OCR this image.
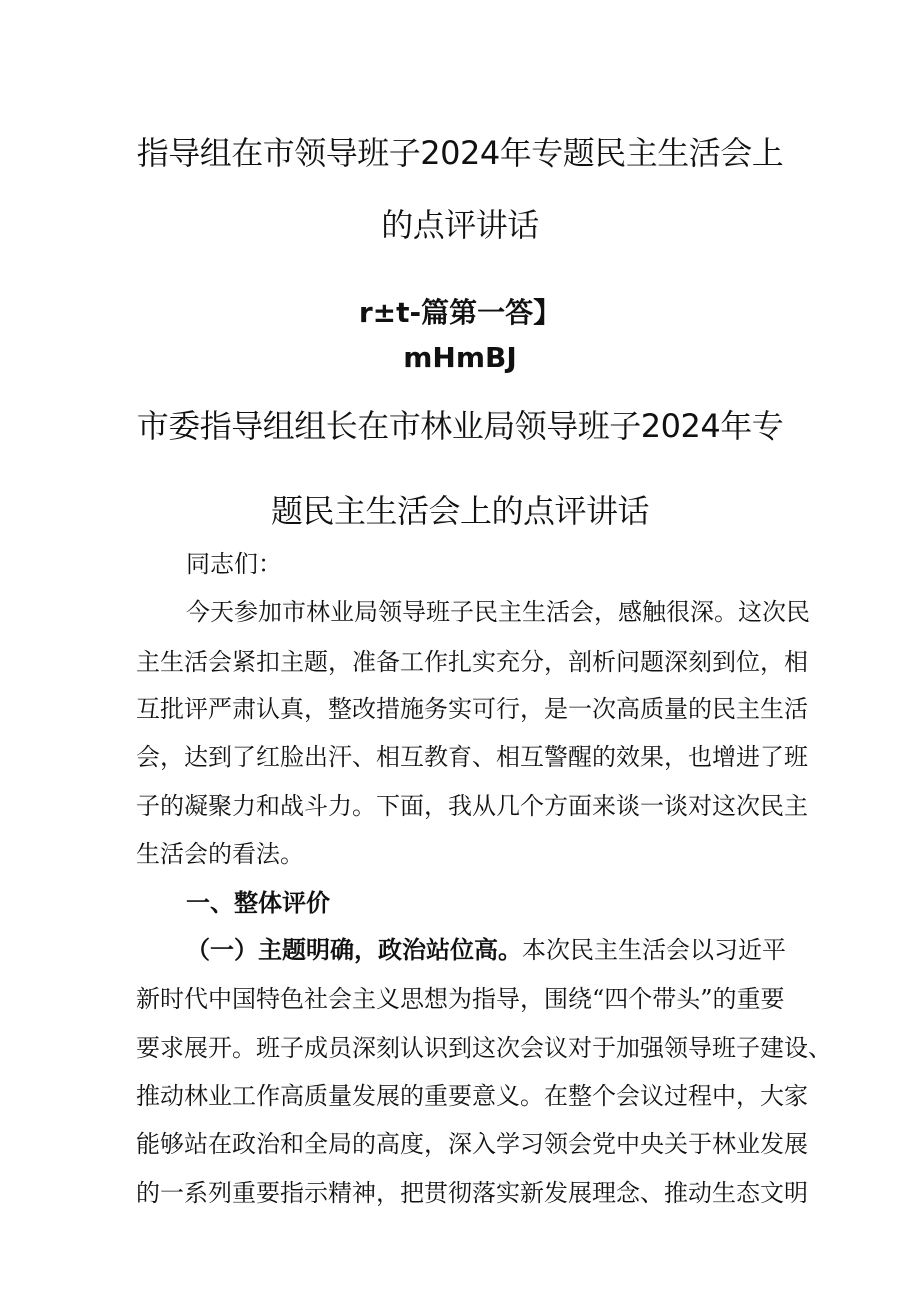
指导组在市领导班子2024年专题民主生活会上
的点评讲话
r±t-篇第一答】
mHmBJ
市委指导组组长在市林业局领导班子2024年专
题民主生活会上的点评讲话
同志们：
今天参加市林业局领导班子民主生活会，感触很深。这次民
主生活会紧扣主题，准备工作扎实充分，剖析问题深刻到位，相
互批评严肃认真，整改措施务实可行，是一次高质量的民主生活
会，达到了红脸出汗、相互教育、相互警醒的效果，也增进了班
子的凝聚力和战斗力。下面，我从几个方面来谈一谈对这次民主
生活会的看法。
一、整体评价
（一）主题明确，政治站位高。本次民主生活会以习近平
新时代中国特色社会主义思想为指导，围绕“四个带头”的重要
要求展开。班子成员深刻认识到这次会议对于加强领导班子建设、
推动林业工作高质量发展的重要意义。在整个会议过程中，大家
能够站在政治和全局的高度，深入学习领会党中央关于林业发展
的一系列重要指示精神，把贯彻落实新发展理念、推动生态文明
